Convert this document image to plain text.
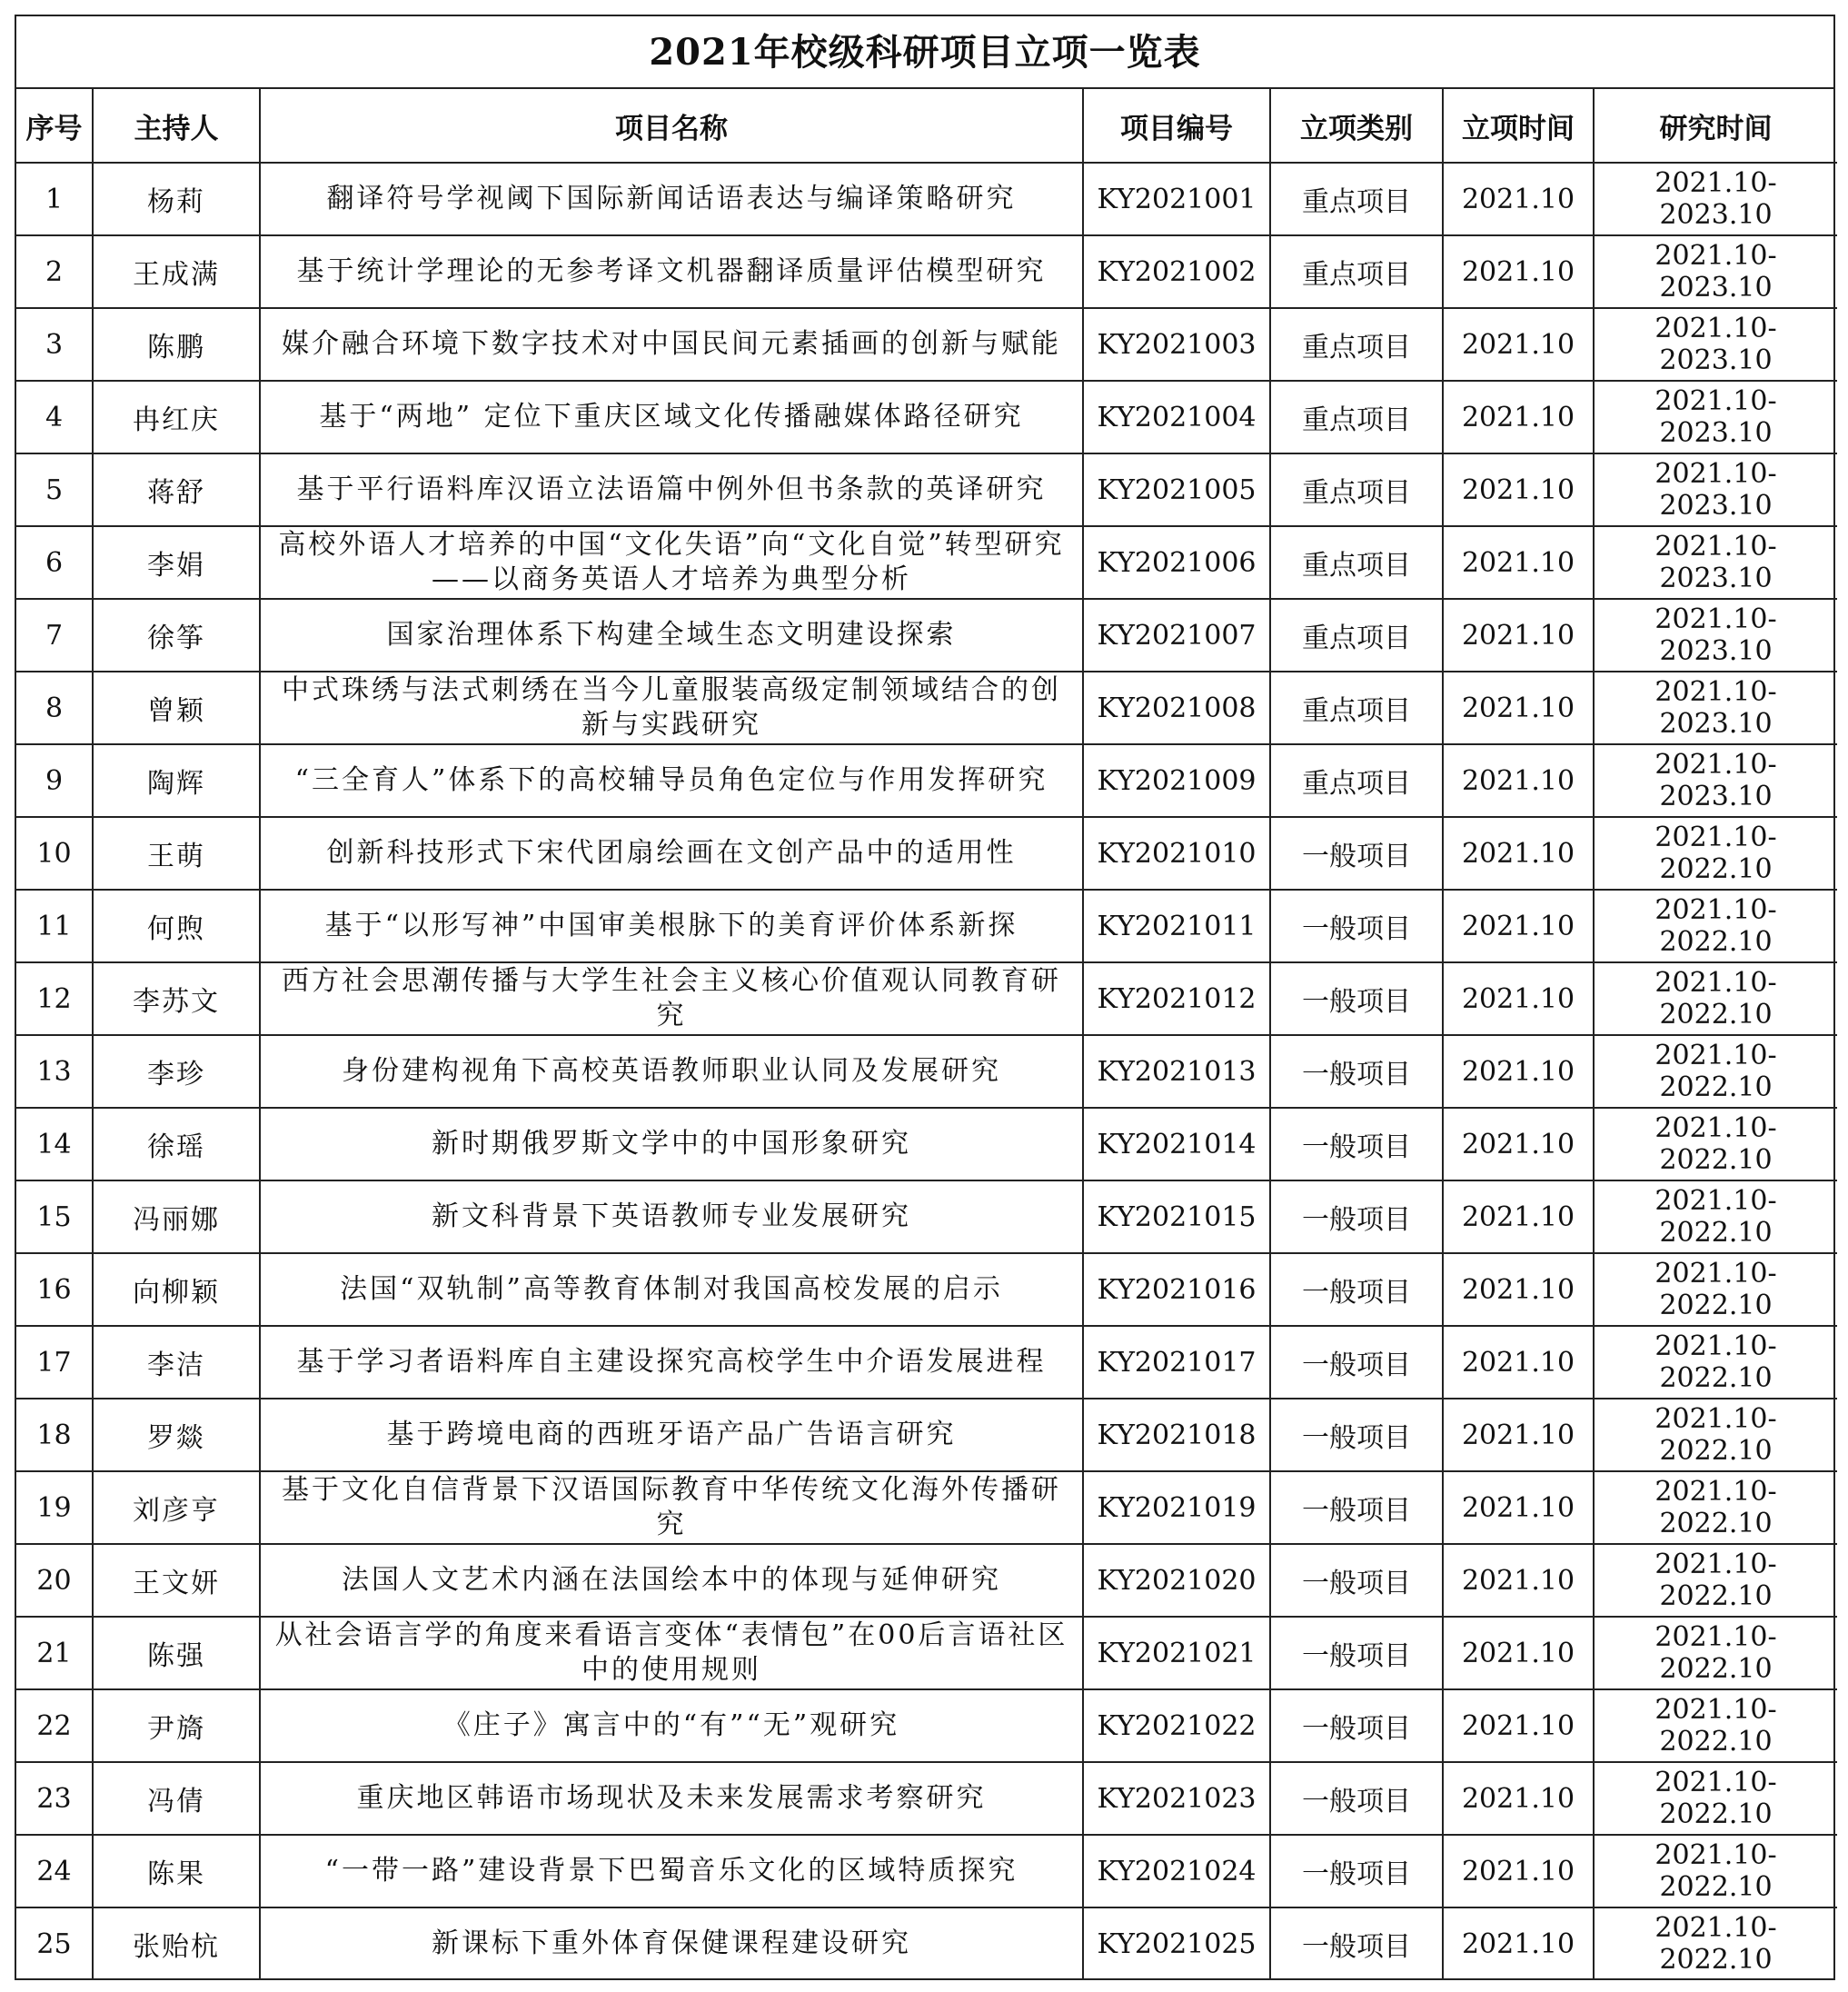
2021年校级科研项目立项一览表
序号	主持人	项目名称	项目编号	立项类别	立项时间	研究时间
1	杨莉	翻译符号学视阈下国际新闻话语表达与编译策略研究	KY2021001	重点项目	2021.10	2021.10-2023.10
2	王成满	基于统计学理论的无参考译文机器翻译质量评估模型研究	KY2021002	重点项目	2021.10	2021.10-2023.10
3	陈鹏	媒介融合环境下数字技术对中国民间元素插画的创新与赋能	KY2021003	重点项目	2021.10	2021.10-2023.10
4	冉红庆	基于“两地” 定位下重庆区域文化传播融媒体路径研究	KY2021004	重点项目	2021.10	2021.10-2023.10
5	蒋舒	基于平行语料库汉语立法语篇中例外但书条款的英译研究	KY2021005	重点项目	2021.10	2021.10-2023.10
6	李娟	高校外语人才培养的中国“文化失语”向“文化自觉”转型研究——以商务英语人才培养为典型分析	KY2021006	重点项目	2021.10	2021.10-2023.10
7	徐筝	国家治理体系下构建全域生态文明建设探索	KY2021007	重点项目	2021.10	2021.10-2023.10
8	曾颖	中式珠绣与法式刺绣在当今儿童服装高级定制领域结合的创新与实践研究	KY2021008	重点项目	2021.10	2021.10-2023.10
9	陶辉	“三全育人”体系下的高校辅导员角色定位与作用发挥研究	KY2021009	重点项目	2021.10	2021.10-2023.10
10	王萌	创新科技形式下宋代团扇绘画在文创产品中的适用性	KY2021010	一般项目	2021.10	2021.10-2022.10
11	何煦	基于“以形写神”中国审美根脉下的美育评价体系新探	KY2021011	一般项目	2021.10	2021.10-2022.10
12	李苏文	西方社会思潮传播与大学生社会主义核心价值观认同教育研究	KY2021012	一般项目	2021.10	2021.10-2022.10
13	李珍	身份建构视角下高校英语教师职业认同及发展研究	KY2021013	一般项目	2021.10	2021.10-2022.10
14	徐瑶	新时期俄罗斯文学中的中国形象研究	KY2021014	一般项目	2021.10	2021.10-2022.10
15	冯丽娜	新文科背景下英语教师专业发展研究	KY2021015	一般项目	2021.10	2021.10-2022.10
16	向柳颖	法国“双轨制”高等教育体制对我国高校发展的启示	KY2021016	一般项目	2021.10	2021.10-2022.10
17	李洁	基于学习者语料库自主建设探究高校学生中介语发展进程	KY2021017	一般项目	2021.10	2021.10-2022.10
18	罗燚	基于跨境电商的西班牙语产品广告语言研究	KY2021018	一般项目	2021.10	2021.10-2022.10
19	刘彦亨	基于文化自信背景下汉语国际教育中华传统文化海外传播研究	KY2021019	一般项目	2021.10	2021.10-2022.10
20	王文妍	法国人文艺术内涵在法国绘本中的体现与延伸研究	KY2021020	一般项目	2021.10	2021.10-2022.10
21	陈强	从社会语言学的角度来看语言变体“表情包”在00后言语社区中的使用规则	KY2021021	一般项目	2021.10	2021.10-2022.10
22	尹旖	《庄子》寓言中的“有”“无”观研究	KY2021022	一般项目	2021.10	2021.10-2022.10
23	冯倩	重庆地区韩语市场现状及未来发展需求考察研究	KY2021023	一般项目	2021.10	2021.10-2022.10
24	陈果	“一带一路”建设背景下巴蜀音乐文化的区域特质探究	KY2021024	一般项目	2021.10	2021.10-2022.10
25	张贻杭	新课标下重外体育保健课程建设研究	KY2021025	一般项目	2021.10	2021.10-2022.10
